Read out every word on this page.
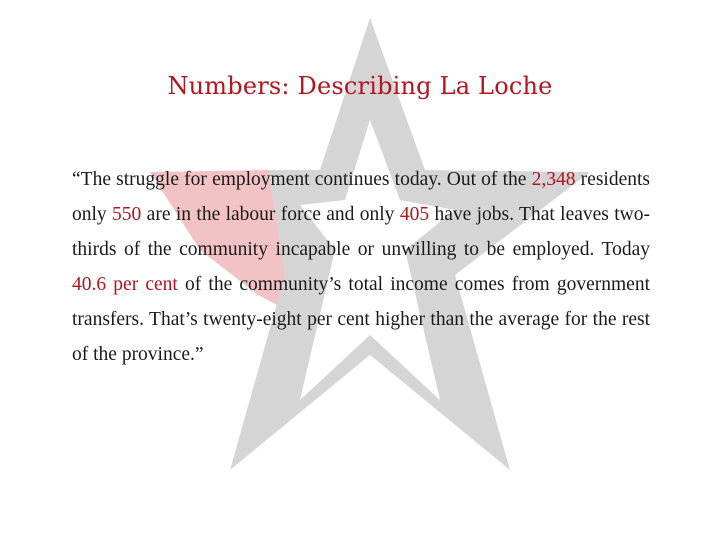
Numbers: Describing La Loche
“The struggle for employment continues today. Out of the 2,348 residents only 550 are in the labour force and only 405 have jobs. That leaves two-thirds of the community incapable or unwilling to be employed. Today 40.6 per cent of the community’s total income comes from government transfers. That’s twenty-eight per cent higher than the average for the rest of the province.”
